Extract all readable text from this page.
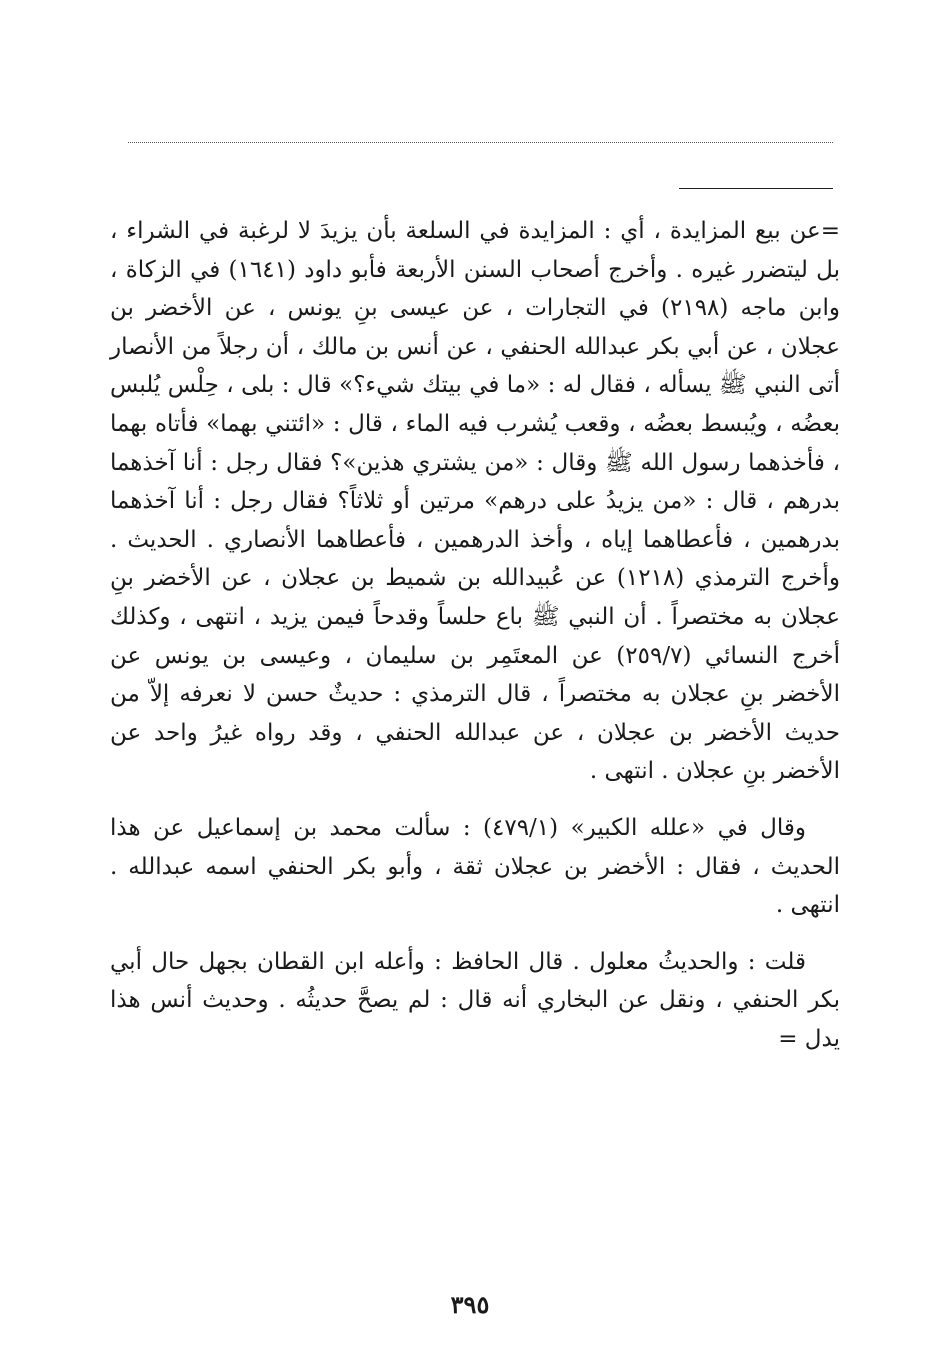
=عن بيع المزايدة ، أي : المزايدة في السلعة بأن يزيدَ لا لرغبة في الشراء ، بل ليتضرر غيره . وأخرج أصحاب السنن الأربعة فأبو داود (١٦٤١) في الزكاة ، وابن ماجه (٢١٩٨) في التجارات ، عن عيسى بنِ يونس ، عن الأخضر بن عجلان ، عن أبي بكر عبدالله الحنفي ، عن أنس بن مالك ، أن رجلاً من الأنصار أتى النبي ﷺ يسأله ، فقال له : «ما في بيتك شيء؟» قال : بلى ، حِلْس يُلبس بعضُه ، ويُبسط بعضُه ، وقعب يُشرب فيه الماء ، قال : «ائتني بهما» فأتاه بهما ، فأخذهما رسول الله ﷺ وقال : «من يشتري هذين»؟ فقال رجل : أنا آخذهما بدرهم ، قال : «من يزيدُ على درهم» مرتين أو ثلاثاً؟ فقال رجل : أنا آخذهما بدرهمين ، فأعطاهما إياه ، وأخذ الدرهمين ، فأعطاهما الأنصاري . الحديث . وأخرج الترمذي (١٢١٨) عن عُبيدالله بن شميط بن عجلان ، عن الأخضر بنِ عجلان به مختصراً . أن النبي ﷺ باع حلساً وقدحاً فيمن يزيد ، انتهى ، وكذلك أخرج النسائي (٢٥٩/٧) عن المعتَمِر بن سليمان ، وعيسى بن يونس عن الأخضر بنِ عجلان به مختصراً ، قال الترمذي : حديثٌ حسن لا نعرفه إلاّ من حديث الأخضر بن عجلان ، عن عبدالله الحنفي ، وقد رواه غيرُ واحد عن الأخضر بنِ عجلان . انتهى .

وقال في «علله الكبير» (٤٧٩/١) : سألت محمد بن إسماعيل عن هذا الحديث ، فقال : الأخضر بن عجلان ثقة ، وأبو بكر الحنفي اسمه عبدالله . انتهى .

قلت : والحديثُ معلول . قال الحافظ : وأعله ابن القطان بجهل حال أبي بكر الحنفي ، ونقل عن البخاري أنه قال : لم يصحَّ حديثُه . وحديث أنس هذا يدل =

٣٩٥
